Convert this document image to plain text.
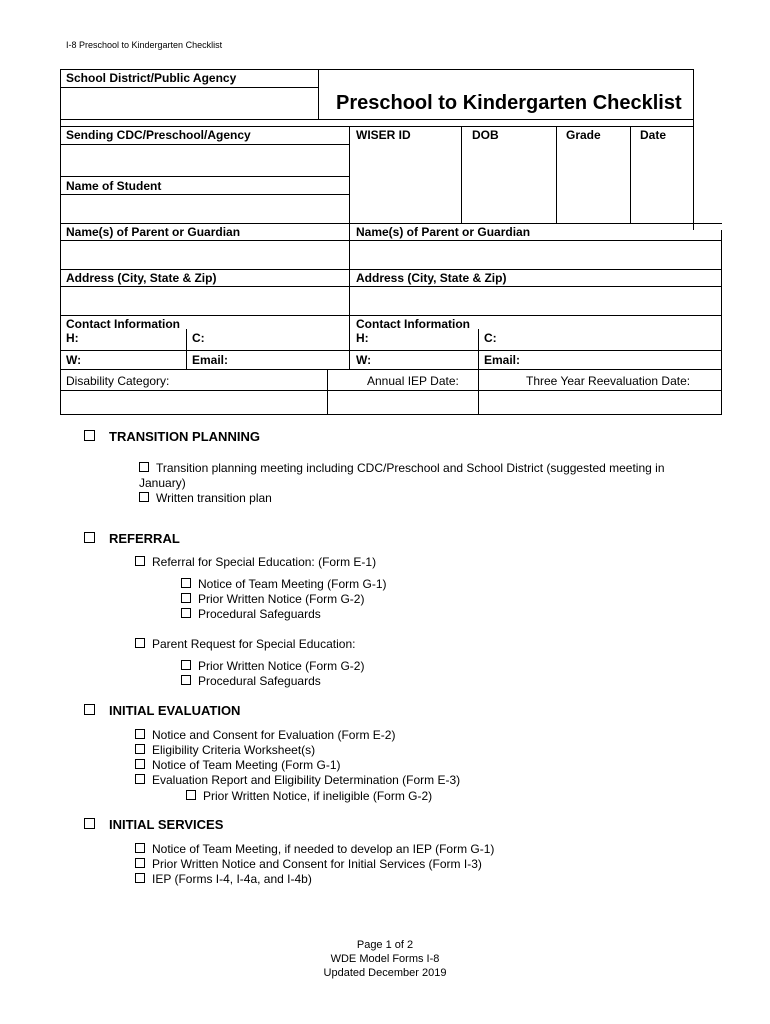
I-8 Preschool to Kindergarten Checklist
School District/Public Agency
Preschool to Kindergarten Checklist
Sending CDC/Preschool/Agency	WISER ID	DOB	Grade	Date
Name of Student
Name(s) of Parent or Guardian	Name(s) of Parent or Guardian
Address (City, State & Zip)	Address (City, State & Zip)
Contact Information	Contact Information
H:	C:	H:	C:
W:	Email:	W:	Email:
Disability Category:	Annual IEP Date:	Three Year Reevaluation Date:
TRANSITION PLANNING
Transition planning meeting including CDC/Preschool and School District (suggested meeting in
January)
Written transition plan
REFERRAL
Referral for Special Education: (Form E-1)
Notice of Team Meeting (Form G-1)
Prior Written Notice (Form G-2)
Procedural Safeguards
Parent Request for Special Education:
Prior Written Notice (Form G-2)
Procedural Safeguards
INITIAL EVALUATION
Notice and Consent for Evaluation (Form E-2)
Eligibility Criteria Worksheet(s)
Notice of Team Meeting (Form G-1)
Evaluation Report and Eligibility Determination (Form E-3)
Prior Written Notice, if ineligible (Form G-2)
INITIAL SERVICES
Notice of Team Meeting, if needed to develop an IEP (Form G-1)
Prior Written Notice and Consent for Initial Services (Form I-3)
IEP (Forms I-4, I-4a, and I-4b)
Page 1 of 2
WDE Model Forms I-8
Updated December 2019
